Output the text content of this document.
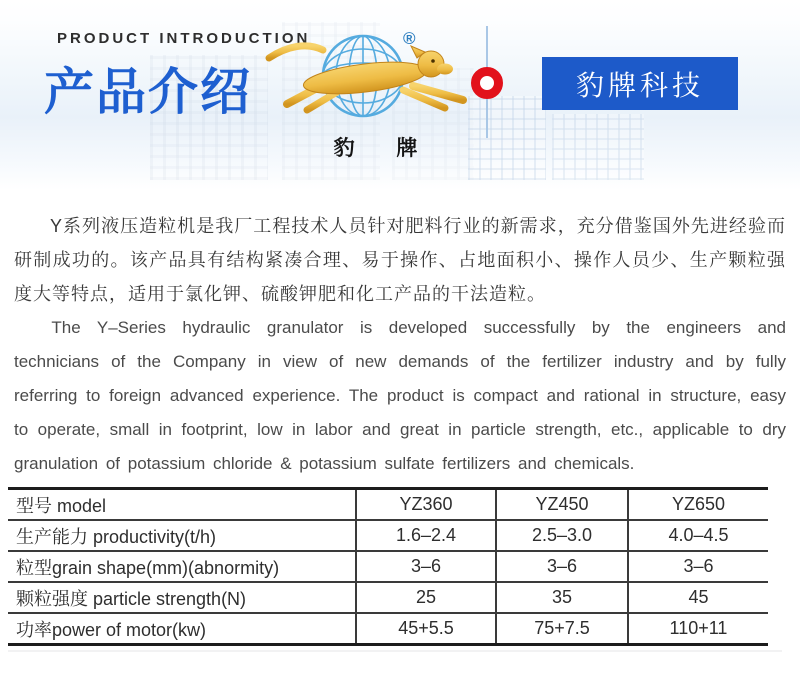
PRODUCT INTRODUCTION
产品介绍
®
豹 牌
豹牌科技

Y系列液压造粒机是我厂工程技术人员针对肥料行业的新需求，充分借鉴国外先进经验而研制成功的。该产品具有结构紧凑合理、易于操作、占地面积小、操作人员少、生产颗粒强度大等特点，适用于氯化钾、硫酸钾肥和化工产品的干法造粒。

The Y–Series hydraulic granulator is developed successfully by the engineers and technicians of the Company in view of new demands of the fertilizer industry and by fully referring to foreign advanced experience. The product is compact and rational in structure, easy to operate, small in footprint, low in labor and great in particle strength, etc., applicable to dry granulation of potassium chloride & potassium sulfate fertilizers and chemicals.

型号 model	YZ360	YZ450	YZ650
生产能力 productivity(t/h)	1.6–2.4	2.5–3.0	4.0–4.5
粒型grain shape(mm)(abnormity)	3–6	3–6	3–6
颗粒强度 particle strength(N)	25	35	45
功率power of motor(kw)	45+5.5	75+7.5	110+11
